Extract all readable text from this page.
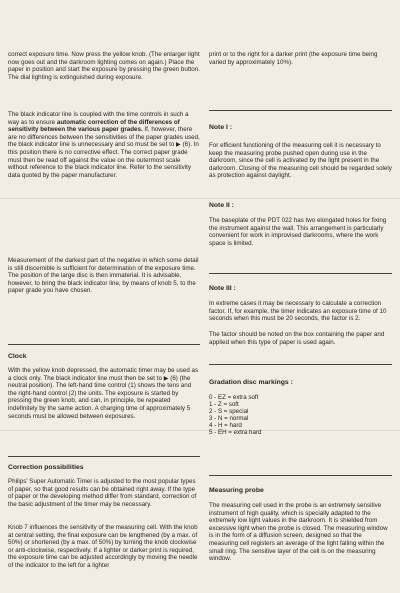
correct exposure time. Now press the yellow knob. (The enlarger light now goes out and the darkroom lighting comes on again.) Place the paper in position and start the exposure by pressing the green button. The dial lighting is extinguished during exposure.

The black indicator line is coupled with the time controls in such a way as to ensure automatic correction of the differences of sensitivity between the various paper grades. If, however, there are no differences between the sensitivities of the paper grades used, the black indicator line is unnecessary and so must be set to ▶ (6). In this position there is no corrective effect. The correct paper grade must then be read off against the value on the outermost scale without reference to the black indicator line. Refer to the sensitivity data quoted by the paper manufacturer.

Measurement of the darkest part of the negative in which some detail is still discernible is sufficient for determination of the exposure time. The position of the large disc is then immaterial. It is advisable, however, to bring the black indicator line, by means of knob 5, to the paper grade you have chosen.

Clock

With the yellow knob depressed, the automatic timer may be used as a clock only. The black indicator line must then be set to ▶ (6) (the neutral position). The left-hand time control (1) shows the tens and the right-hand control (2) the units. The exposure is started by pressing the green knob, and can, in principle, be repeated indefinitely by the same action. A charging time of approximately 5 seconds must be allowed between exposures.

Correction possibilities

Philips' Super Automatic Timer is adjusted to the most popular types of paper, so that good results can be obtained right away. If the type of paper or the developing method differ from standard, correction of the basic adjustment of the timer may be necessary.

Knob 7 influences the sensitivity of the measuring cell. With the knob at central setting, the final exposure can be lengthened (by a max. of 50%) or shortened (by a max. of 50%) by turning the knob clockwise or anti-clockwise, respectively. If a lighter or darker print is required, the exposure time can be adjusted accordingly by moving the needle of the indicator to the left for a lighter

print or to the right for a darker print (the exposure time being varied by approximately 10%).

Note I :

For efficient functioning of the measuring cell it is necessary to keep the measuring probe pushed open during use in the darkroom, since the cell is activated by the light present in the darkroom. Closing of the measuring cell should be regarded solely as protection against daylight.

Note II :

The baseplate of the PDT 022 has two elongated holes for fixing the instrument against the wall. This arrangement is particularly convenient for work in improvised darkrooms, where the work space is limited.

Note III :

In extreme cases it may be necessary to calculate a correction factor. If, for example, the timer indicates an exposure time of 10 seconds when this must be 20 seconds, the factor is 2.

The factor should be noted on the box containing the paper and applied when this type of paper is used again.

Gradation disc markings :
0 - EZ = extra soft
1 - Z = soft
2 - S = special
3 - N = normal
4 - H = hard
5 - EH = extra hard
Measuring probe

The measuring cell used in the probe is an extremely sensitive instrument of high quality, which is specially adapted to the extremely low light values in the darkroom. It is shielded from excessive light when the probe is closed. The measuring window is in the form of a diffusion screen, designed so that the measuring cell registers an average of the light falling within the small ring. The sensitive layer of the cell is on the measuring window.
